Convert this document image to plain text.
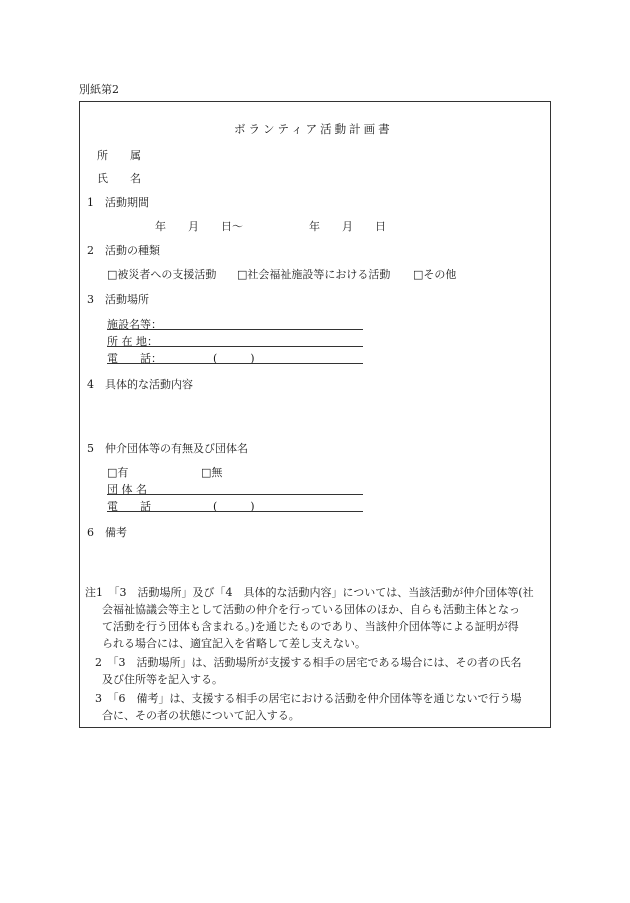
別紙第2
ボランティア活動計画書
所　　属
氏　　名
1　活動期間
年　　月　　日～　　　　　　年　　月　　日
2　活動の種類
□被災者への支援活動 □社会福祉施設等における活動 □その他
3　活動場所
施設名等：
所 在 地：
電　　話：	(　　　)
4　具体的な活動内容
5　仲介団体等の有無及び団体名
□有	□無
団 体 名
電　　話	(　　　)
6　備考
注1　「3　活動場所」及び「4　具体的な活動内容」については、当該活動が仲介団体等(社
会福祉協議会等主として活動の仲介を行っている団体のほか、自らも活動主体となっ
て活動を行う団体も含まれる。)を通じたものであり、当該仲介団体等による証明が得
られる場合には、適宜記入を省略して差し支えない。
2　「3　活動場所」は、活動場所が支援する相手の居宅である場合には、その者の氏名
及び住所等を記入する。
3　「6　備考」は、支援する相手の居宅における活動を仲介団体等を通じないで行う場
合に、その者の状態について記入する。
